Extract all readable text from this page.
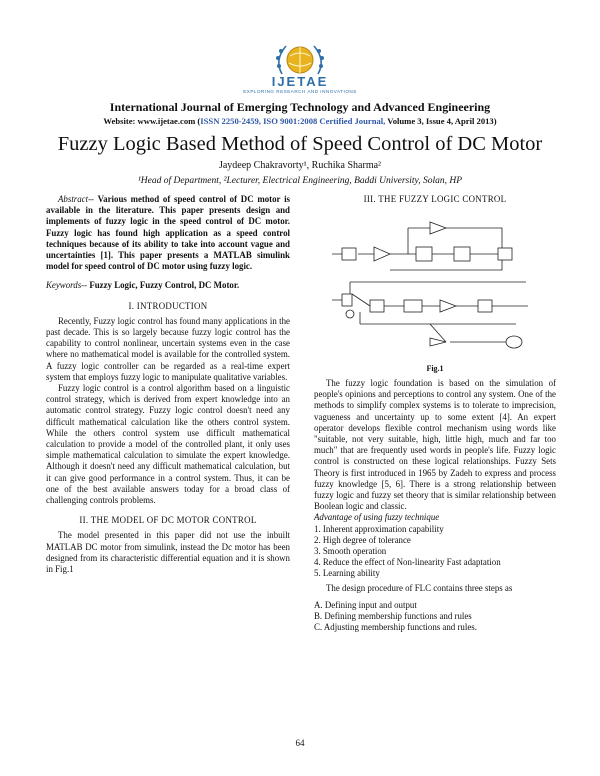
IJETAE
EXPLORING RESEARCH AND INNOVATIONS
International Journal of Emerging Technology and Advanced Engineering
Website: www.ijetae.com (ISSN 2250-2459, ISO 9001:2008 Certified Journal, Volume 3, Issue 4, April 2013)
Fuzzy Logic Based Method of Speed Control of DC Motor
Jaydeep Chakravorty¹, Ruchika Sharma²
¹Head of Department, ²Lecturer, Electrical Engineering, Baddi University, Solan, HP

Abstract-- Various method of speed control of DC motor is available in the literature. This paper presents design and implements of fuzzy logic in the speed control of DC motor. Fuzzy logic has found high application as a speed control techniques because of its ability to take into account vague and uncertainties [1]. This paper presents a MATLAB simulink model for speed control of DC motor using fuzzy logic.

Keywords-- Fuzzy Logic, Fuzzy Control, DC Motor.

I. INTRODUCTION

Recently, Fuzzy logic control has found many applications in the past decade. This is so largely because fuzzy logic control has the capability to control nonlinear, uncertain systems even in the case where no mathematical model is available for the controlled system. A fuzzy logic controller can be regarded as a real-time expert system that employs fuzzy logic to manipulate qualitative variables.

Fuzzy logic control is a control algorithm based on a linguistic control strategy, which is derived from expert knowledge into an automatic control strategy. Fuzzy logic control doesn't need any difficult mathematical calculation like the others control system. While the others control system use difficult mathematical calculation to provide a model of the controlled plant, it only uses simple mathematical calculation to simulate the expert knowledge. Although it doesn't need any difficult mathematical calculation, but it can give good performance in a control system. Thus, it can be one of the best available answers today for a broad class of challenging controls problems.

II. THE MODEL OF DC MOTOR CONTROL

The model presented in this paper did not use the inbuilt MATLAB DC motor from simulink, instead the Dc motor has been designed from its characteristic differential equation and it is shown in Fig.1

III. THE FUZZY LOGIC CONTROL
Fig.1

The fuzzy logic foundation is based on the simulation of people's opinions and perceptions to control any system. One of the methods to simplify complex systems is to tolerate to imprecision, vagueness and uncertainty up to some extent [4]. An expert operator develops flexible control mechanism using words like "suitable, not very suitable, high, little high, much and far too much" that are frequently used words in people's life. Fuzzy logic control is constructed on these logical relationships. Fuzzy Sets Theory is first introduced in 1965 by Zadeh to express and process fuzzy knowledge [5, 6]. There is a strong relationship between fuzzy logic and fuzzy set theory that is similar relationship between Boolean logic and classic.

Advantage of using fuzzy technique

1. Inherent approximation capability
2. High degree of tolerance
3. Smooth operation
4. Reduce the effect of Non-linearity Fast adaptation
5. Learning ability

The design procedure of FLC contains three steps as

A. Defining input and output
B. Defining membership functions and rules
C. Adjusting membership functions and rules.
64
